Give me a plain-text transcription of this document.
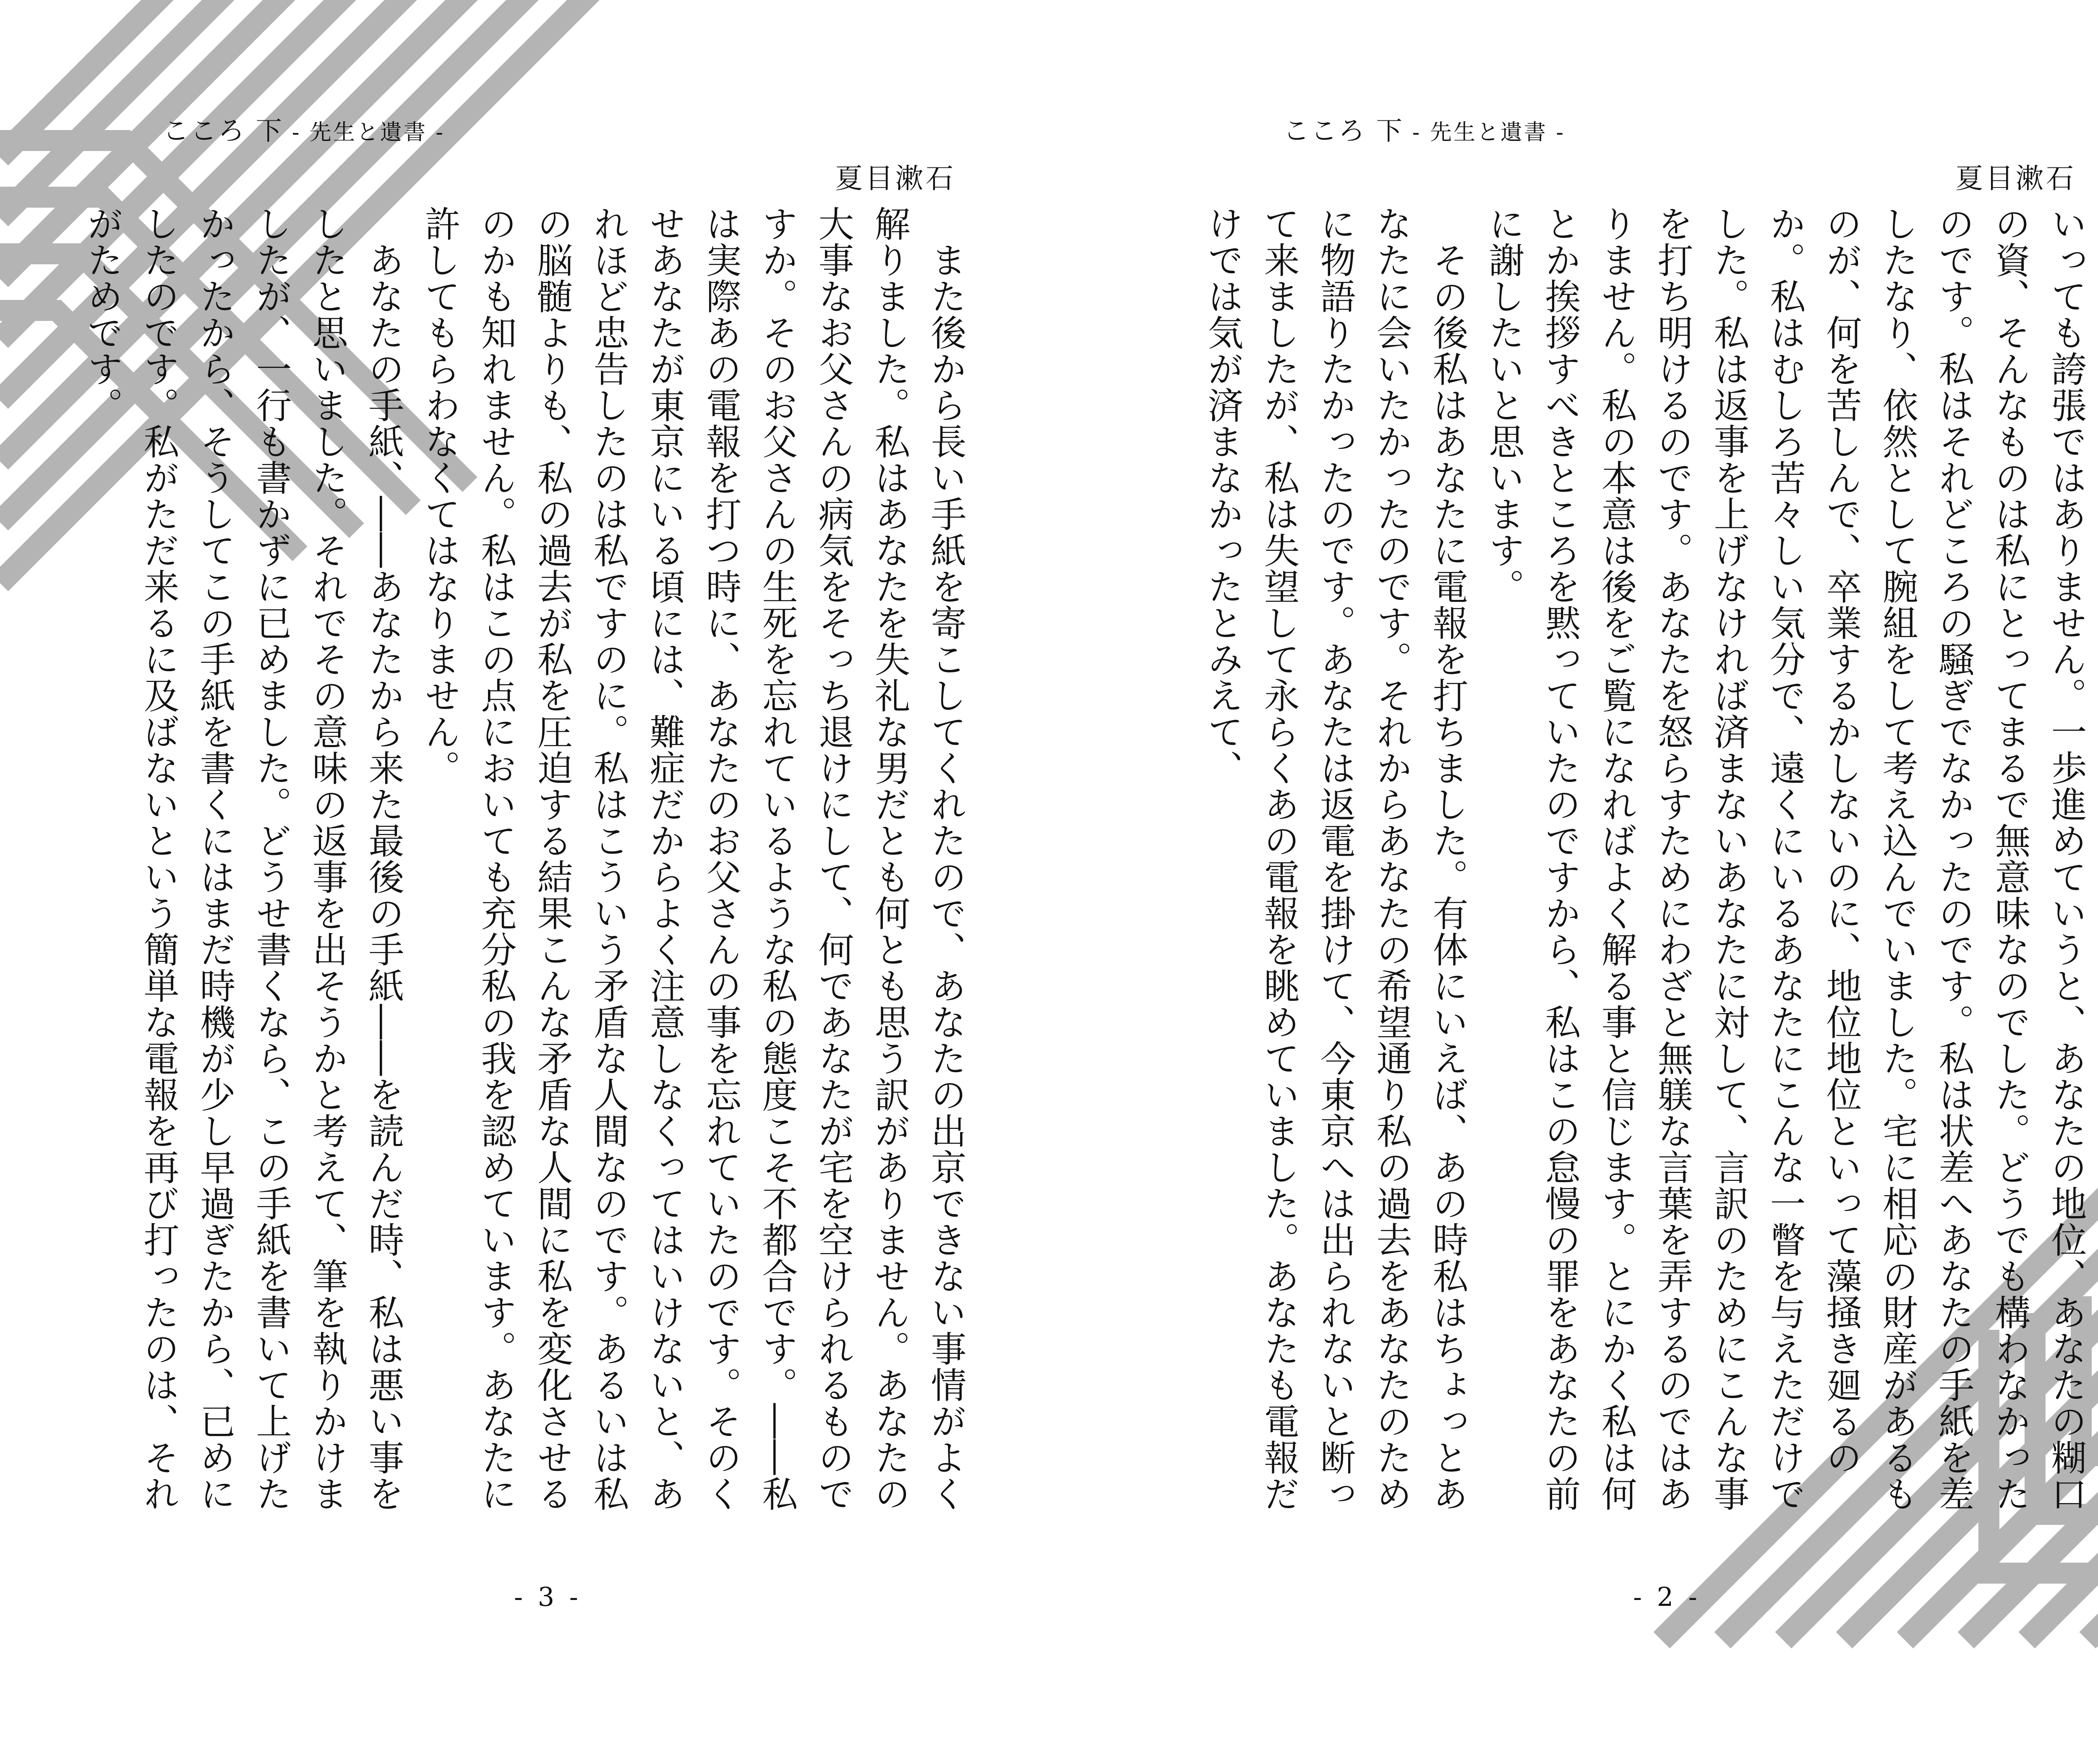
こころ 下 - 先生と遺書 -
夏目漱石
　また後から長い手紙を寄こしてくれたので、あなたの出京できない事情がよく解りました。私はあなたを失礼な男だとも何とも思う訳がありません。あなたの大事なお父さんの病気をそっち退けにして、何であなたが宅を空けられるものですか。そのお父さんの生死を忘れているような私の態度こそ不都合です。――私は実際あの電報を打つ時に、あなたのお父さんの事を忘れていたのです。そのくせあなたが東京にいる頃には、難症だからよく注意しなくってはいけないと、あれほど忠告したのは私ですのに。私はこういう矛盾な人間なのです。あるいは私の脳髄よりも、私の過去が私を圧迫する結果こんな矛盾な人間に私を変化させるのかも知れません。私はこの点においても充分私の我を認めています。あなたに許してもらわなくてはなりません。
　あなたの手紙、――あなたから来た最後の手紙――を読んだ時、私は悪い事をしたと思いました。それでその意味の返事を出そうかと考えて、筆を執りかけましたが、一行も書かずに已めました。どうせ書くなら、この手紙を書いて上げたかったから、そうしてこの手紙を書くにはまだ時機が少し早過ぎたから、已めにしたのです。私がただ来るに及ばないという簡単な電報を再び打ったのは、それがためです。
- 3 -
こころ 下 - 先生と遺書 -
夏目漱石
いっても誇張ではありません。一歩進めていうと、あなたの地位、あなたの糊口の資、そんなものは私にとってまるで無意味なのでした。どうでも構わなかったのです。私はそれどころの騒ぎでなかったのです。私は状差へあなたの手紙を差したなり、依然として腕組をして考え込んでいました。宅に相応の財産があるものが、何を苦しんで、卒業するかしないのに、地位地位といって藻掻き廻るのか。私はむしろ苦々しい気分で、遠くにいるあなたにこんな一瞥を与えただけでした。私は返事を上げなければ済まないあなたに対して、言訳のためにこんな事を打ち明けるのです。あなたを怒らすためにわざと無躾な言葉を弄するのではありません。私の本意は後をご覧になればよく解る事と信じます。とにかく私は何とか挨拶すべきところを黙っていたのですから、私はこの怠慢の罪をあなたの前に謝したいと思います。
　その後私はあなたに電報を打ちました。有体にいえば、あの時私はちょっとあなたに会いたかったのです。それからあなたの希望通り私の過去をあなたのために物語りたかったのです。あなたは返電を掛けて、今東京へは出られないと断って来ましたが、私は失望して永らくあの電報を眺めていました。あなたも電報だけでは気が済まなかったとみえて、
- 2 -
